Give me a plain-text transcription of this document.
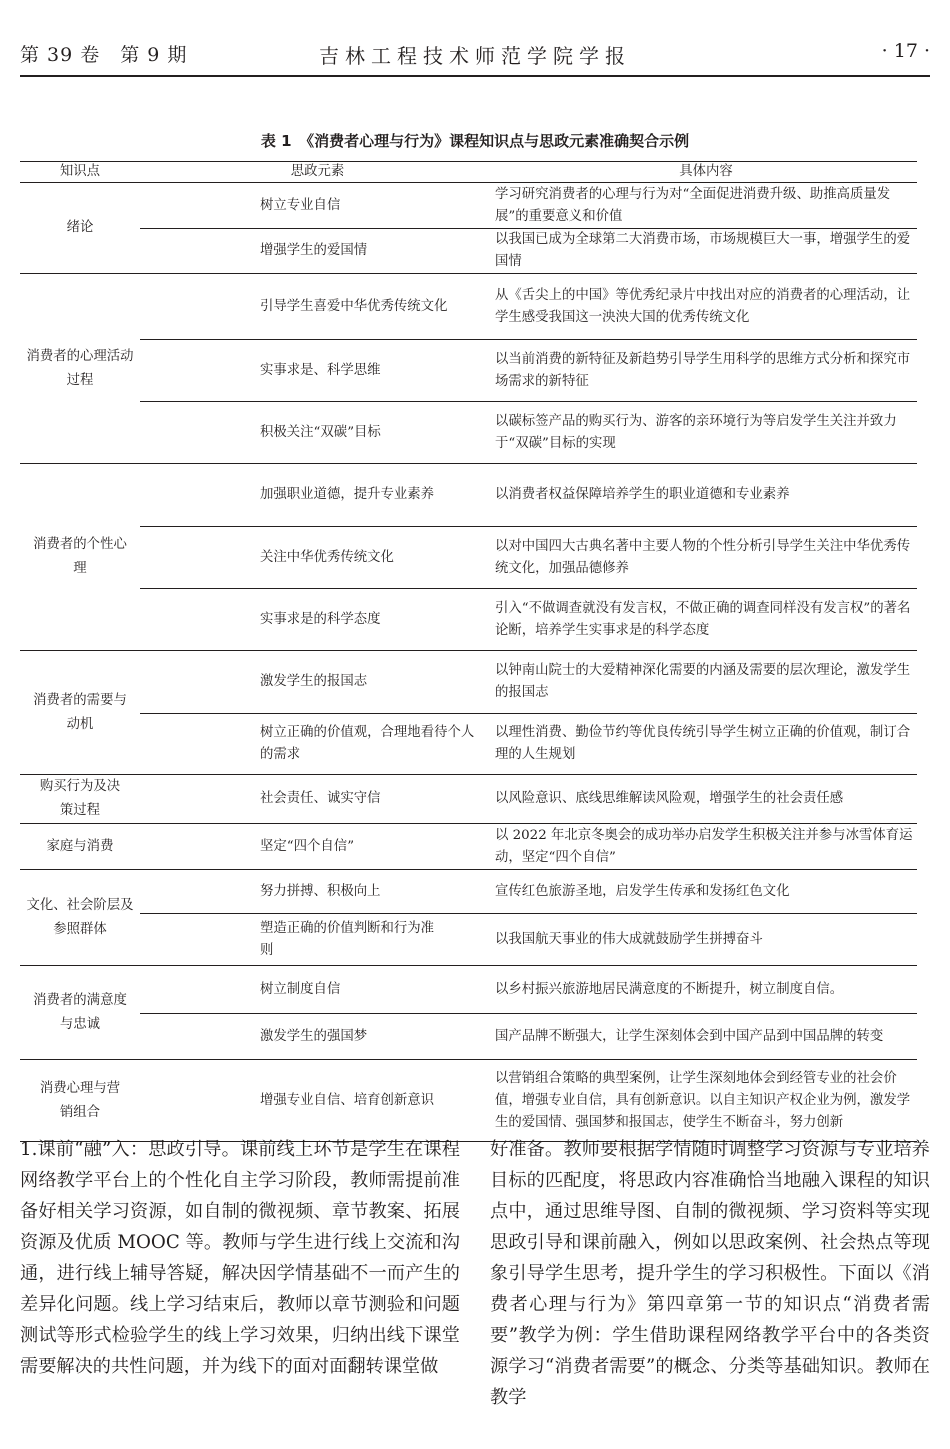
第 39 卷　第 9 期	吉林工程技术师范学院学报	· 17 ·
表 1　《消费者心理与行为》课程知识点与思政元素准确契合示例
知识点	思政元素	具体内容
绪论	树立专业自信	学习研究消费者的心理与行为对“全面促进消费升级、助推高质量发展”的重要意义和价值
	增强学生的爱国情	以我国已成为全球第二大消费市场，市场规模巨大一事，增强学生的爱国情
消费者的心理活动过程	引导学生喜爱中华优秀传统文化	从《舌尖上的中国》等优秀纪录片中找出对应的消费者的心理活动，让学生感受我国这一泱泱大国的优秀传统文化
	实事求是、科学思维	以当前消费的新特征及新趋势引导学生用科学的思维方式分析和探究市场需求的新特征
	积极关注“双碳”目标	以碳标签产品的购买行为、游客的亲环境行为等启发学生关注并致力于“双碳”目标的实现
消费者的个性心理	加强职业道德，提升专业素养	以消费者权益保障培养学生的职业道德和专业素养
	关注中华优秀传统文化	以对中国四大古典名著中主要人物的个性分析引导学生关注中华优秀传统文化，加强品德修养
	实事求是的科学态度	引入“不做调查就没有发言权，不做正确的调查同样没有发言权”的著名论断，培养学生实事求是的科学态度
消费者的需要与动机	激发学生的报国志	以钟南山院士的大爱精神深化需要的内涵及需要的层次理论，激发学生的报国志
	树立正确的价值观，合理地看待个人的需求	以理性消费、勤俭节约等优良传统引导学生树立正确的价值观，制订合理的人生规划
购买行为及决策过程	社会责任、诚实守信	以风险意识、底线思维解读风险观，增强学生的社会责任感
家庭与消费	坚定“四个自信”	以 2022 年北京冬奥会的成功举办启发学生积极关注并参与冰雪体育运动，坚定“四个自信”
文化、社会阶层及参照群体	努力拼搏、积极向上	宣传红色旅游圣地，启发学生传承和发扬红色文化
	塑造正确的价值判断和行为准则	以我国航天事业的伟大成就鼓励学生拼搏奋斗
消费者的满意度与忠诚	树立制度自信	以乡村振兴旅游地居民满意度的不断提升，树立制度自信。
	激发学生的强国梦	国产品牌不断强大，让学生深刻体会到中国产品到中国品牌的转变
消费心理与营销组合	增强专业自信、培育创新意识	以营销组合策略的典型案例，让学生深刻地体会到经管专业的社会价值，增强专业自信，具有创新意识。以自主知识产权企业为例，激发学生的爱国情、强国梦和报国志，使学生不断奋斗，努力创新
1.课前“融”入：思政引导。课前线上环节是学生在课程网络教学平台上的个性化自主学习阶段，教师需提前准备好相关学习资源，如自制的微视频、章节教案、拓展资源及优质 MOOC 等。教师与学生进行线上交流和沟通，进行线上辅导答疑，解决因学情基础不一而产生的差异化问题。线上学习结束后，教师以章节测验和问题测试等形式检验学生的线上学习效果，归纳出线下课堂需要解决的共性问题，并为线下的面对面翻转课堂做
好准备。教师要根据学情随时调整学习资源与专业培养目标的匹配度，将思政内容准确恰当地融入课程的知识点中，通过思维导图、自制的微视频、学习资料等实现思政引导和课前融入，例如以思政案例、社会热点等现象引导学生思考，提升学生的学习积极性。下面以《消费者心理与行为》第四章第一节的知识点“消费者需要”教学为例：学生借助课程网络教学平台中的各类资源学习“消费者需要”的概念、分类等基础知识。教师在教学
